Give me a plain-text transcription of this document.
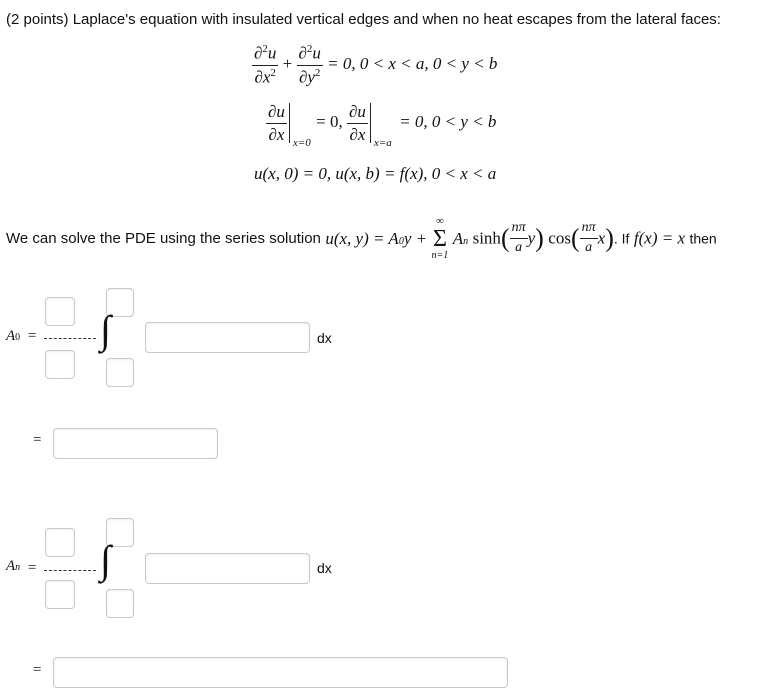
(2 points) Laplace's equation with insulated vertical edges and when no heat escapes from the lateral faces:
$\frac{\partial^2u}{\partial x^2} + \frac{\partial^2u}{\partial y^2} = 0$, 0 < x < a, 0 < y < b
$\frac{\partial u}{\partial x} x=0$
= 0, $\frac{\partial u}{\partial x} x=a$
= 0, 0 < y < b
u(x, 0) = 0, u(x, b) = f(x), 0 < x < a
We can solve the PDE using the series solution u(x, y) = A0y +
∞
Σ
n=1
An $\sinh( \frac{n\pi}{a} y)$ $\cos( \frac{n\pi}{a} x)$. If f(x) = x then
A0 = ∫	dx
=
An = ∫	dx
=
